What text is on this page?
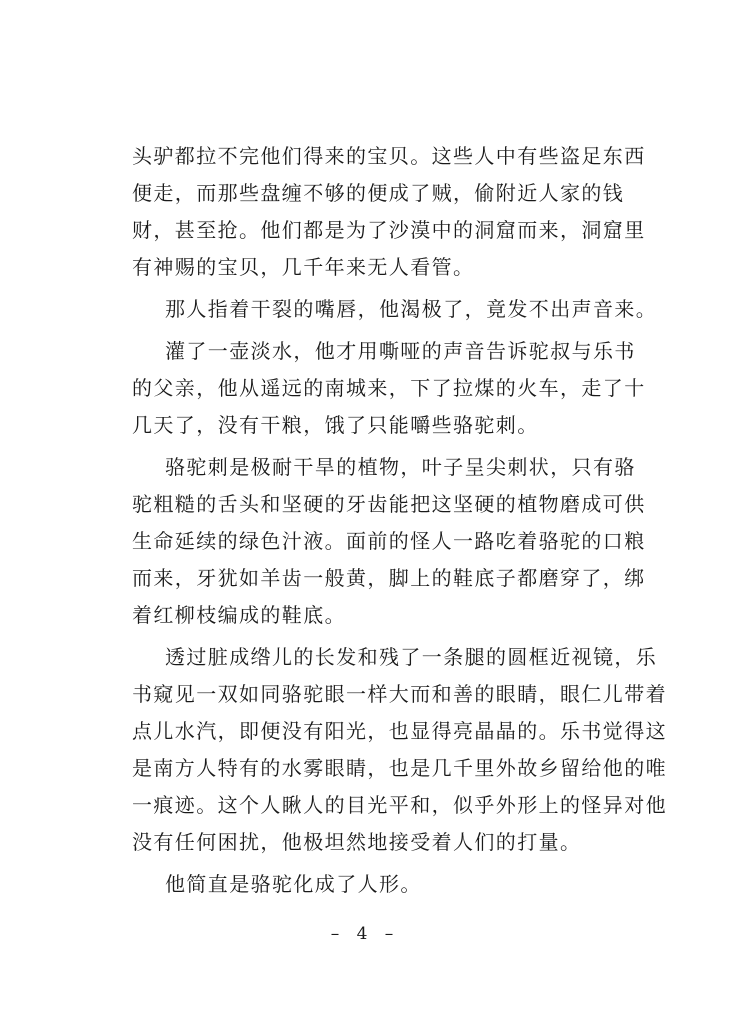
头驴都拉不完他们得来的宝贝。这些人中有些盗足东西
便走，而那些盘缠不够的便成了贼，偷附近人家的钱
财，甚至抢。他们都是为了沙漠中的洞窟而来，洞窟里
有神赐的宝贝，几千年来无人看管。
那人指着干裂的嘴唇，他渴极了，竟发不出声音来。
灌了一壶淡水，他才用嘶哑的声音告诉驼叔与乐书
的父亲，他从遥远的南城来，下了拉煤的火车，走了十
几天了，没有干粮，饿了只能嚼些骆驼刺。
骆驼刺是极耐干旱的植物，叶子呈尖刺状，只有骆
驼粗糙的舌头和坚硬的牙齿能把这坚硬的植物磨成可供
生命延续的绿色汁液。面前的怪人一路吃着骆驼的口粮
而来，牙犹如羊齿一般黄，脚上的鞋底子都磨穿了，绑
着红柳枝编成的鞋底。
透过脏成绺儿的长发和残了一条腿的圆框近视镜，乐
书窥见一双如同骆驼眼一样大而和善的眼睛，眼仁儿带着
点儿水汽，即便没有阳光，也显得亮晶晶的。乐书觉得这
是南方人特有的水雾眼睛，也是几千里外故乡留给他的唯
一痕迹。这个人瞅人的目光平和，似乎外形上的怪异对他
没有任何困扰，他极坦然地接受着人们的打量。
他简直是骆驼化成了人形。
– 4 –
